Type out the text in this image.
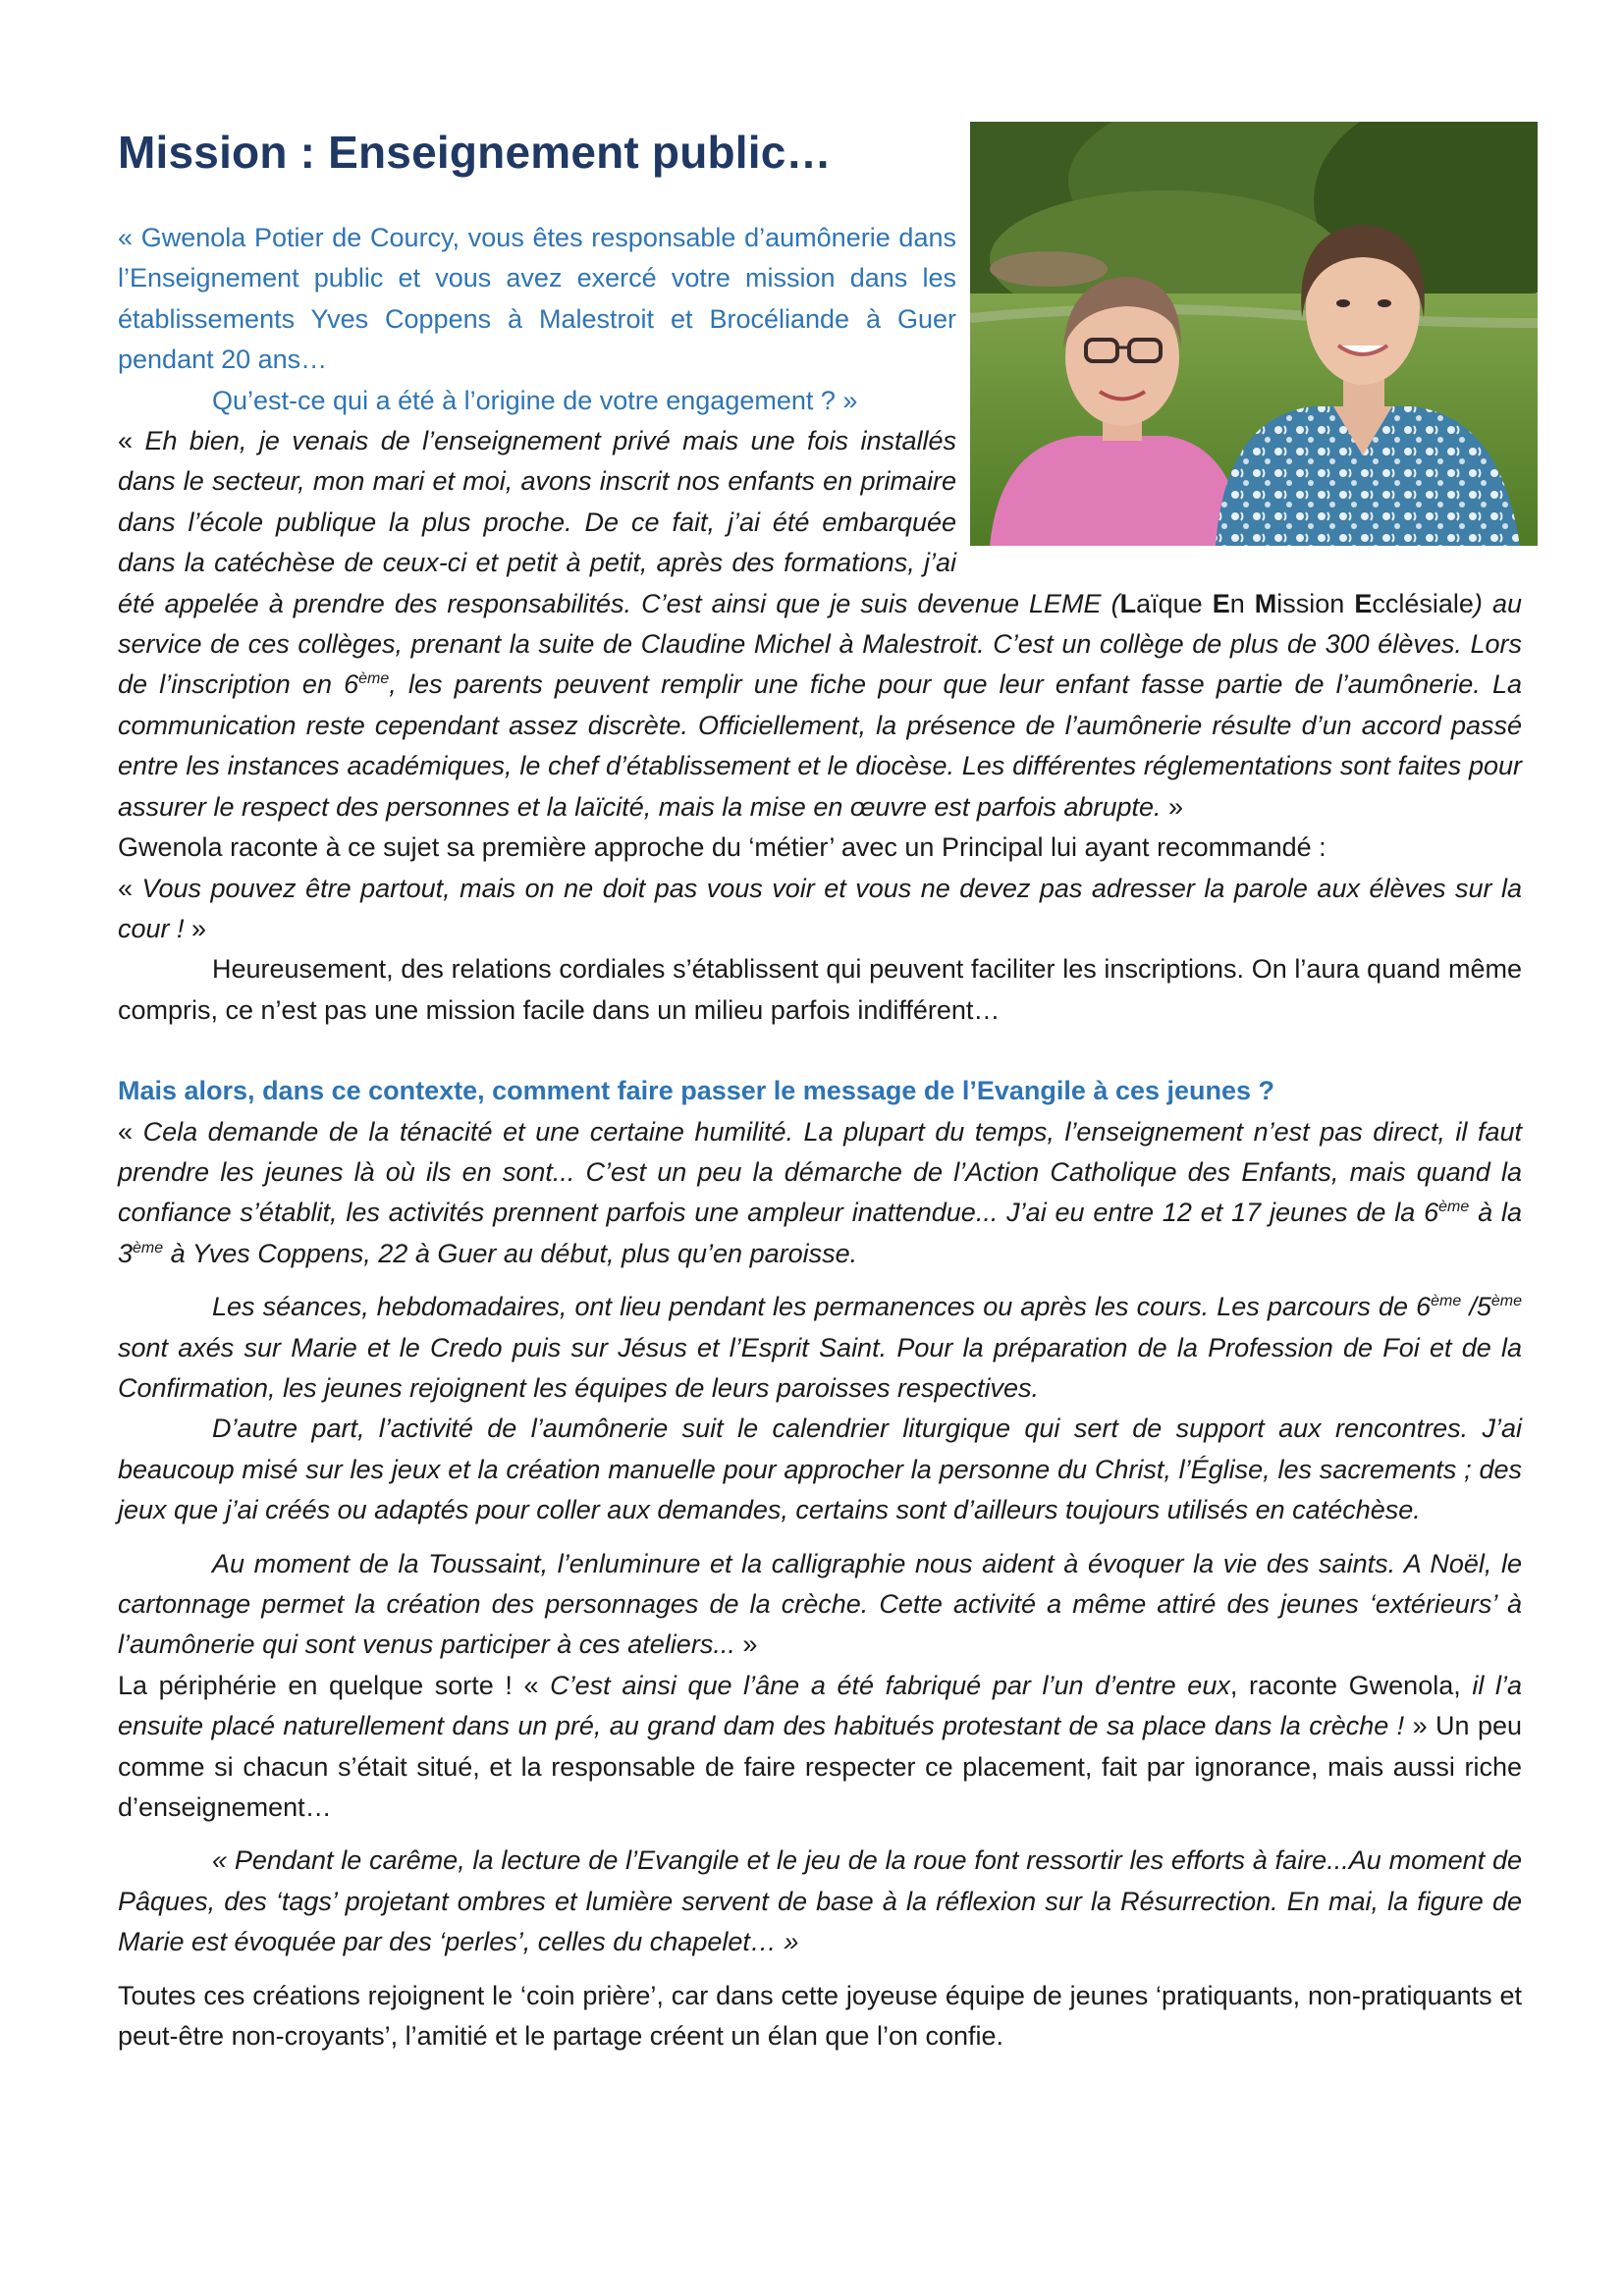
Mission : Enseignement public…

« Gwenola Potier de Courcy, vous êtes responsable d’aumônerie dans l’Enseignement public et vous avez exercé votre mission dans les établissements Yves Coppens à Malestroit et Brocéliande à Guer pendant 20 ans…

Qu’est-ce qui a été à l’origine de votre engagement ? »

« Eh bien, je venais de l’enseignement privé mais une fois installés dans le secteur, mon mari et moi, avons inscrit nos enfants en primaire dans l’école publique la plus proche. De ce fait, j’ai été embarquée dans la catéchèse de ceux-ci et petit à petit, après des formations, j’ai été appelée à prendre des responsabilités. C’est ainsi que je suis devenue LEME (Laïque En Mission Ecclésiale) au service de ces collèges, prenant la suite de Claudine Michel à Malestroit. C’est un collège de plus de 300 élèves. Lors de l’inscription en 6ème, les parents peuvent remplir une fiche pour que leur enfant fasse partie de l’aumônerie. La communication reste cependant assez discrète. Officiellement, la présence de l’aumônerie résulte d’un accord passé entre les instances académiques, le chef d’établissement et le diocèse. Les différentes réglementations sont faites pour assurer le respect des personnes et la laïcité, mais la mise en œuvre est parfois abrupte. »

Gwenola raconte à ce sujet sa première approche du ‘métier’ avec un Principal lui ayant recommandé :

« Vous pouvez être partout, mais on ne doit pas vous voir et vous ne devez pas adresser la parole aux élèves sur la cour ! »

Heureusement, des relations cordiales s’établissent qui peuvent faciliter les inscriptions. On l’aura quand même compris, ce n’est pas une mission facile dans un milieu parfois indifférent…

Mais alors, dans ce contexte, comment faire passer le message de l’Evangile à ces jeunes ?

« Cela demande de la ténacité et une certaine humilité. La plupart du temps, l’enseignement n’est pas direct, il faut prendre les jeunes là où ils en sont... C’est un peu la démarche de l’Action Catholique des Enfants, mais quand la confiance s’établit, les activités prennent parfois une ampleur inattendue... J’ai eu entre 12 et 17 jeunes de la 6ème à la 3ème à Yves Coppens, 22 à Guer au début, plus qu’en paroisse.

Les séances, hebdomadaires, ont lieu pendant les permanences ou après les cours. Les parcours de 6ème /5ème sont axés sur Marie et le Credo puis sur Jésus et l’Esprit Saint. Pour la préparation de la Profession de Foi et de la Confirmation, les jeunes rejoignent les équipes de leurs paroisses respectives.

D’autre part, l’activité de l’aumônerie suit le calendrier liturgique qui sert de support aux rencontres. J’ai beaucoup misé sur les jeux et la création manuelle pour approcher la personne du Christ, l’Église, les sacrements ; des jeux que j’ai créés ou adaptés pour coller aux demandes, certains sont d’ailleurs toujours utilisés en catéchèse.

Au moment de la Toussaint, l’enluminure et la calligraphie nous aident à évoquer la vie des saints. A Noël, le cartonnage permet la création des personnages de la crèche. Cette activité a même attiré des jeunes ‘extérieurs’ à l’aumônerie qui sont venus participer à ces ateliers... »

La périphérie en quelque sorte ! « C’est ainsi que l’âne a été fabriqué par l’un d’entre eux, raconte Gwenola, il l’a ensuite placé naturellement dans un pré, au grand dam des habitués protestant de sa place dans la crèche ! » Un peu comme si chacun s’était situé, et la responsable de faire respecter ce placement, fait par ignorance, mais aussi riche d’enseignement…

« Pendant le carême, la lecture de l’Evangile et le jeu de la roue font ressortir les efforts à faire...Au moment de Pâques, des ‘tags’ projetant ombres et lumière servent de base à la réflexion sur la Résurrection. En mai, la figure de Marie est évoquée par des ‘perles’, celles du chapelet… »

Toutes ces créations rejoignent le ‘coin prière’, car dans cette joyeuse équipe de jeunes ‘pratiquants, non-pratiquants et peut-être non-croyants’, l’amitié et le partage créent un élan que l’on confie.
